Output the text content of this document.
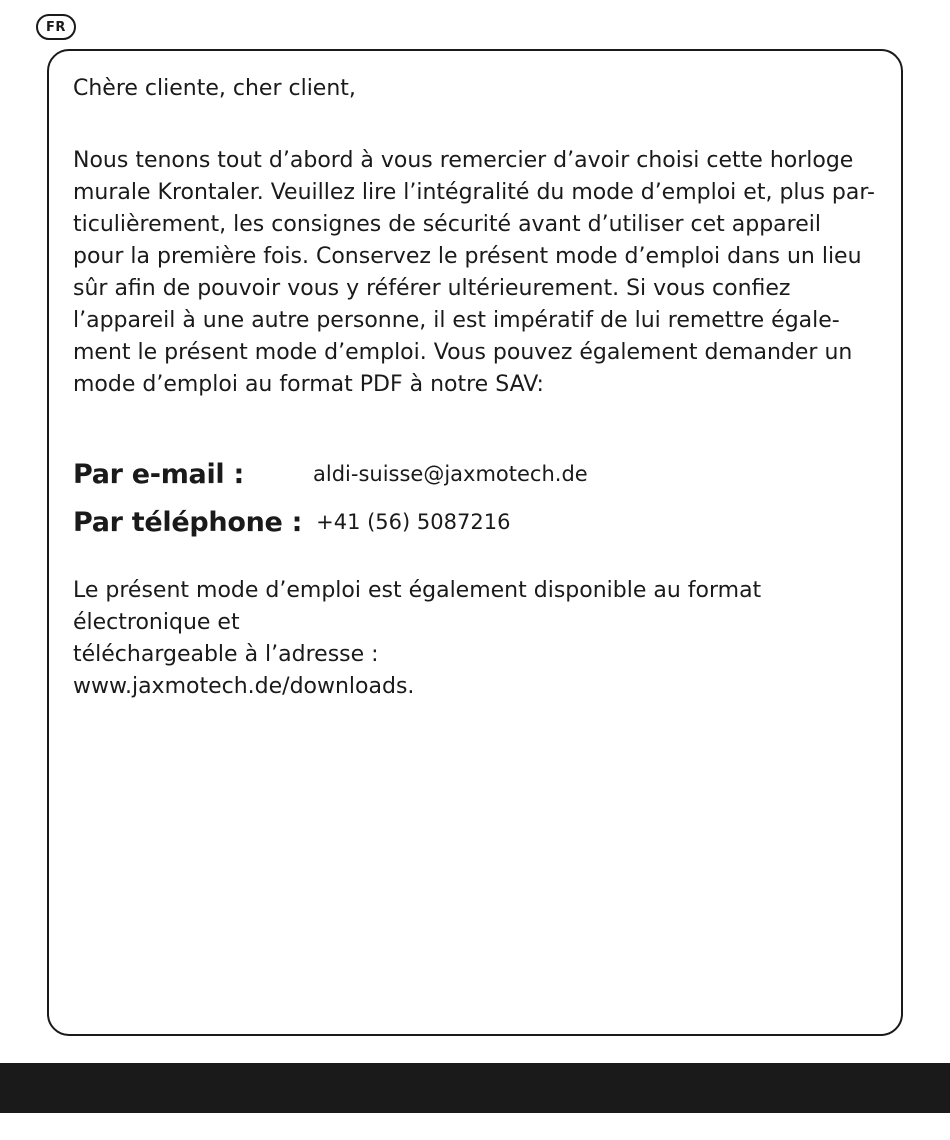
FR

Chère cliente, cher client,

Nous tenons tout d’abord à vous remercier d’avoir choisi cette horloge
murale Krontaler. Veuillez lire l’intégralité du mode d’emploi et, plus par-
ticulièrement, les consignes de sécurité avant d’utiliser cet appareil
pour la première fois. Conservez le présent mode d’emploi dans un lieu
sûr afin de pouvoir vous y référer ultérieurement. Si vous confiez
l’appareil à une autre personne, il est impératif de lui remettre égale-
ment le présent mode d’emploi. Vous pouvez également demander un
mode d’emploi au format PDF à notre SAV:

Par e-mail :	aldi-suisse@jaxmotech.de
Par téléphone : +41 (56) 5087216
Le présent mode d’emploi est également disponible au format
électronique et
téléchargeable à l’adresse :
www.jaxmotech.de/downloads.
